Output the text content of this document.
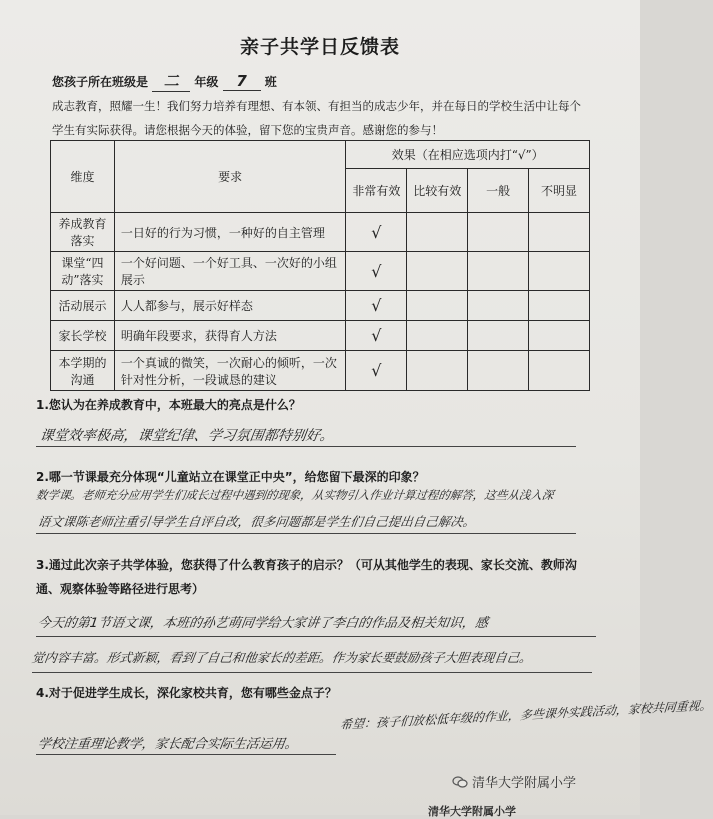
亲子共学日反馈表
您孩子所在班级是 二 年级 7 班
成志教育，照耀一生！我们努力培养有理想、有本领、有担当的成志少年，并在每日的学校生活中让每个学生有实际获得。请您根据今天的体验，留下您的宝贵声音。感谢您的参与！
维度	要求	效果（在相应选项内打“√”）			
		非常有效	比较有效	一般	不明显
养成教育落实	一日好的行为习惯，一种好的自主管理	√			
课堂“四动”落实	一个好问题、一个好工具、一次好的小组展示	√			
活动展示	人人都参与，展示好样态	√			
家长学校	明确年段要求，获得育人方法	√			
本学期的沟通	一个真诚的微笑，一次耐心的倾听，一次针对性分析，一段诚恳的建议	√			
1.您认为在养成教育中，本班最大的亮点是什么？
课堂效率极高，课堂纪律、学习氛围都特别好。
2.哪一节课最充分体现“儿童站立在课堂正中央”，给您留下最深的印象？
数学课。老师充分应用学生们成长过程中遇到的现象，从实物引入作业计算过程的解答，这些从浅入深
语文课陈老师注重引导学生自评自改，很多问题都是学生们自己提出自己解决。
3.通过此次亲子共学体验，您获得了什么教育孩子的启示？（可从其他学生的表现、家长交流、教师沟通、观察体验等路径进行思考）
今天的第1节语文课，本班的孙艺萌同学给大家讲了李白的作品及相关知识，感
觉内容丰富。形式新颖，看到了自己和他家长的差距。作为家长要鼓励孩子大胆表现自己。
4.对于促进学生成长，深化家校共育，您有哪些金点子？
希望：孩子们放松低年级的作业，多些课外实践活动，家校共同重视。
学校注重理论教学，家长配合实际生活运用。
清华大学附属小学
清华大学附属小学
